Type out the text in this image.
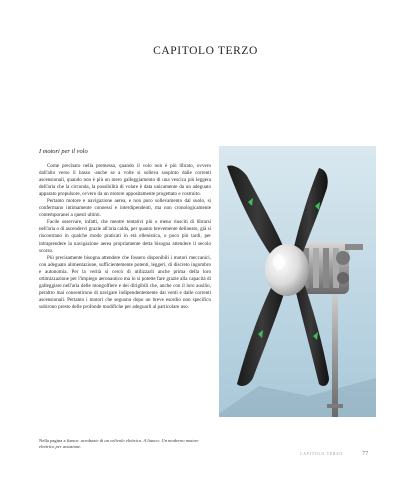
CAPITOLO TERZO
I motori per il volo

Come precisato nella premessa, quando il volo non è più librato, ovvero dall'alto verso il basso -anche se a volte si solleva sospinto dalle correnti ascensionali, quando non è più un mero galleggiamento di una vescica più leggera dell'aria che la circonda, la possibilità di volare è data unicamente da un adeguato apparato propulsore, ovvero da un motore appositamente progettato e costruito.

Pertanto motore e navigazione aerea, e non puro sollevamento dal suolo, si confermano intimamente connessi e interdipendenti, ma non cronologicamente contemporanei a questi ultimi.

Facile osservare, infatti, che mentre tentativi più o meno riusciti di librarsi nell'aria o di ascendervi grazie all'aria calda, per quanto brevemente delineato, già si riscontrano in qualche modo praticati in età ellenistica, o poco più tardi, per intraprendere la navigazione aerea propriamente detta bisogna attendere il secolo scorso.

Più precisamente bisogna attendere che fossero disponibili i motori meccanici, con adeguato alimentazione, sufficientemente potenti, leggeri, di discreto ingombro e autonomia. Per la verità si cercò di utilizzarli anche prima della loro ottimizzazione per l'impiego aeronautico ma lo si potette fare grazie alla capacità di galleggiare nell'aria delle mongolfiere e dei dirigibili che, anche con il loro ausilio, peraltro mai consentirono di navigare indipendentemente dai venti e dalle correnti ascensionali. Pertanto i motori che seguono dopo un breve esordio non specifico subirono presto delle profonde modifiche per adeguarli al particolare uso.

Nella pagina a fianco: acrobazie di un velivolo elettrico. A lianco: Un moderno motore elettrico per aviazione.
CAPITOLO TERZO	77
